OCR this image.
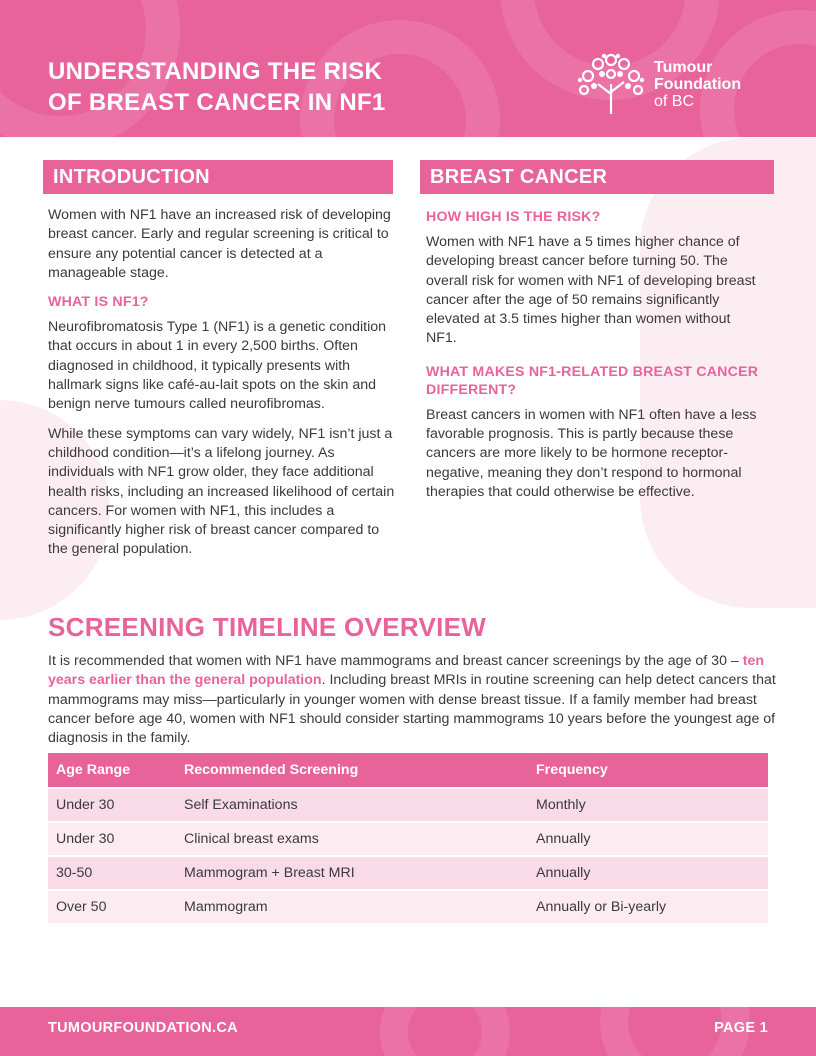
UNDERSTANDING THE RISK
OF BREAST CANCER IN NF1
Tumour
Foundation
of BC
INTRODUCTION

Women with NF1 have an increased risk of developing breast cancer. Early and regular screening is critical to ensure any potential cancer is detected at a manageable stage.

WHAT IS NF1?

Neurofibromatosis Type 1 (NF1) is a genetic condition that occurs in about 1 in every 2,500 births. Often diagnosed in childhood, it typically presents with hallmark signs like café-au-lait spots on the skin and benign nerve tumours called neurofibromas.

While these symptoms can vary widely, NF1 isn’t just a childhood condition—it’s a lifelong journey. As individuals with NF1 grow older, they face additional health risks, including an increased likelihood of certain cancers. For women with NF1, this includes a significantly higher risk of breast cancer compared to the general population.

BREAST CANCER
HOW HIGH IS THE RISK?

Women with NF1 have a 5 times higher chance of developing breast cancer before turning 50. The overall risk for women with NF1 of developing breast cancer after the age of 50 remains significantly elevated at 3.5 times higher than women without NF1.

WHAT MAKES NF1-RELATED BREAST CANCER DIFFERENT?

Breast cancers in women with NF1 often have a less favorable prognosis. This is partly because these cancers are more likely to be hormone receptor-negative, meaning they don’t respond to hormonal therapies that could otherwise be effective.

SCREENING TIMELINE OVERVIEW
It is recommended that women with NF1 have mammograms and breast cancer screenings by the age of 30 – ten years earlier than the general population. Including breast MRIs in routine screening can help detect cancers that mammograms may miss—particularly in younger women with dense breast tissue. If a family member had breast cancer before age 40, women with NF1 should consider starting mammograms 10 years before the youngest age of diagnosis in the family.
Age Range	Recommended Screening	Frequency
Under 30	Self Examinations	Monthly
Under 30	Clinical breast exams	Annually
30-50	Mammogram + Breast MRI	Annually
Over 50	Mammogram	Annually or Bi-yearly
TUMOURFOUNDATION.CA	PAGE 1
